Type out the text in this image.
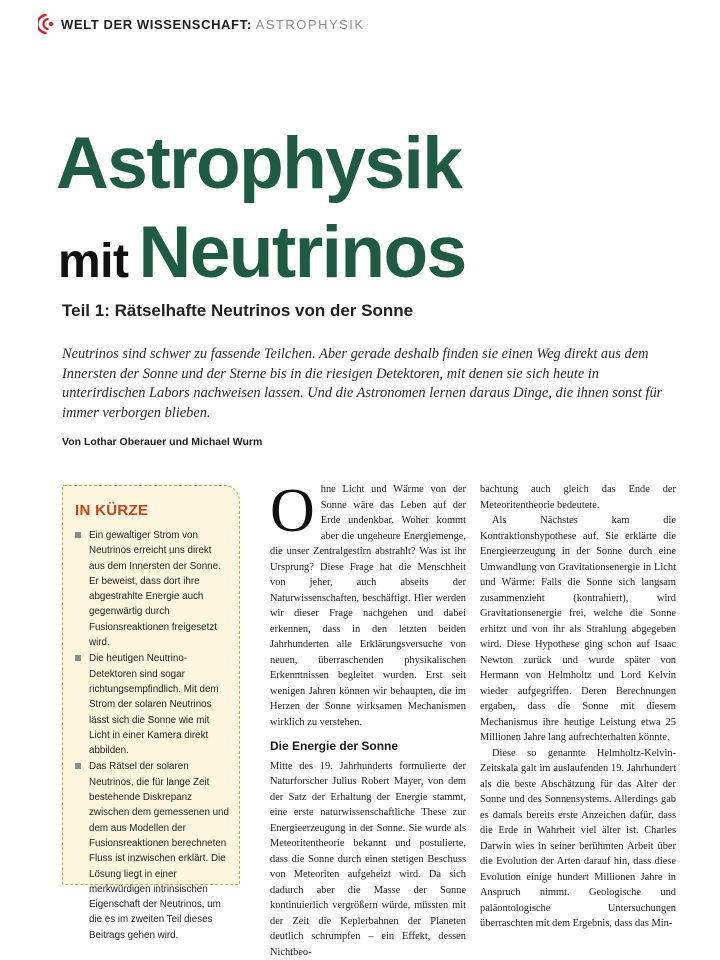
WELT DER WISSENSCHAFT: ASTROPHYSIK
Astrophysik
mit Neutrinos
Teil 1: Rätselhafte Neutrinos von der Sonne
Neutrinos sind schwer zu fassende Teilchen. Aber gerade deshalb finden sie einen Weg direkt aus dem Innersten der Sonne und der Sterne bis in die riesigen Detektoren, mit denen sie sich heute in unterirdischen Labors nachweisen lassen. Und die Astronomen lernen daraus Dinge, die ihnen sonst für immer verborgen blieben.
Von Lothar Oberauer und Michael Wurm
IN KÜRZE
Ein gewaltiger Strom von Neutrinos erreicht uns direkt aus dem Innersten der Sonne. Er beweist, dass dort ihre abgestrahlte Energie auch gegenwärtig durch Fusionsreaktionen freigesetzt wird.
Die heutigen Neutrino-Detektoren sind sogar richtungsempfindlich. Mit dem Strom der solaren Neutrinos lässt sich die Sonne wie mit Licht in einer Kamera direkt abbilden.
Das Rätsel der solaren Neutrinos, die für lange Zeit bestehende Diskrepanz zwischen dem gemessenen und dem aus Modellen der Fusionsreaktionen berechneten Fluss ist inzwischen erklärt. Die Lösung liegt in einer merkwürdigen intrinsischen Eigenschaft der Neutrinos, um die es im zweiten Teil dieses Beitrags gehen wird.

Ohne Licht und Wärme von der Sonne wäre das Leben auf der Erde undenkbar. Woher kommt aber die ungeheure Energiemenge, die unser Zentralgestirn abstrahlt? Was ist ihr Ursprung? Diese Frage hat die Menschheit von jeher, auch abseits der Naturwissenschaften, beschäftigt. Hier werden wir dieser Frage nachgehen und dabei erkennen, dass in den letzten beiden Jahrhunderten alle Erklärungsversuche von neuen, überraschenden physikalischen Erkenntnissen begleitet wurden. Erst seit wenigen Jahren können wir behaupten, die im Herzen der Sonne wirksamen Mechanismen wirklich zu verstehen.

Die Energie der Sonne

Mitte des 19. Jahrhunderts formulierte der Naturforscher Julius Robert Mayer, von dem der Satz der Erhaltung der Energie stammt, eine erste naturwissenschaftliche These zur Energieerzeugung in der Sonne. Sie wurde als Meteoritentheorie bekannt und postulierte, dass die Sonne durch einen stetigen Beschuss von Meteoriten aufgeheizt wird. Da sich dadurch aber die Masse der Sonne kontinuierlich vergrößern würde, müssten mit der Zeit die Keplerbahnen der Planeten deutlich schrumpfen – ein Effekt, dessen Nichtbeo-

bachtung auch gleich das Ende der Meteoritentheorie bedeutete.

Als Nächstes kam die Kontraktionshypothese auf. Sie erklärte die Energieerzeugung in der Sonne durch eine Umwandlung von Gravitationsenergie in Licht und Wärme: Falls die Sonne sich langsam zusammenzieht (kontrahiert), wird Gravitationsenergie frei, welche die Sonne erhitzt und von ihr als Strahlung abgegeben wird. Diese Hypothese ging schon auf Isaac Newton zurück und wurde später von Hermann von Helmholtz und Lord Kelvin wieder aufgegriffen. Deren Berechnungen ergaben, dass die Sonne mit diesem Mechanismus ihre heutige Leistung etwa 25 Millionen Jahre lang aufrechterhalten könnte.

Diese so genannte Helmholtz-Kelvin-Zeitskala galt im auslaufenden 19. Jahrhundert als die beste Abschätzung für das Alter der Sonne und des Sonnensystems. Allerdings gab es damals bereits erste Anzeichen dafür, dass die Erde in Wahrheit viel älter ist. Charles Darwin wies in seiner berühmten Arbeit über die Evolution der Arten darauf hin, dass diese Evolution einige hundert Millionen Jahre in Anspruch nimmt. Geologische und paläontologische Untersuchungen überraschten mit dem Ergebnis, dass das Min-
